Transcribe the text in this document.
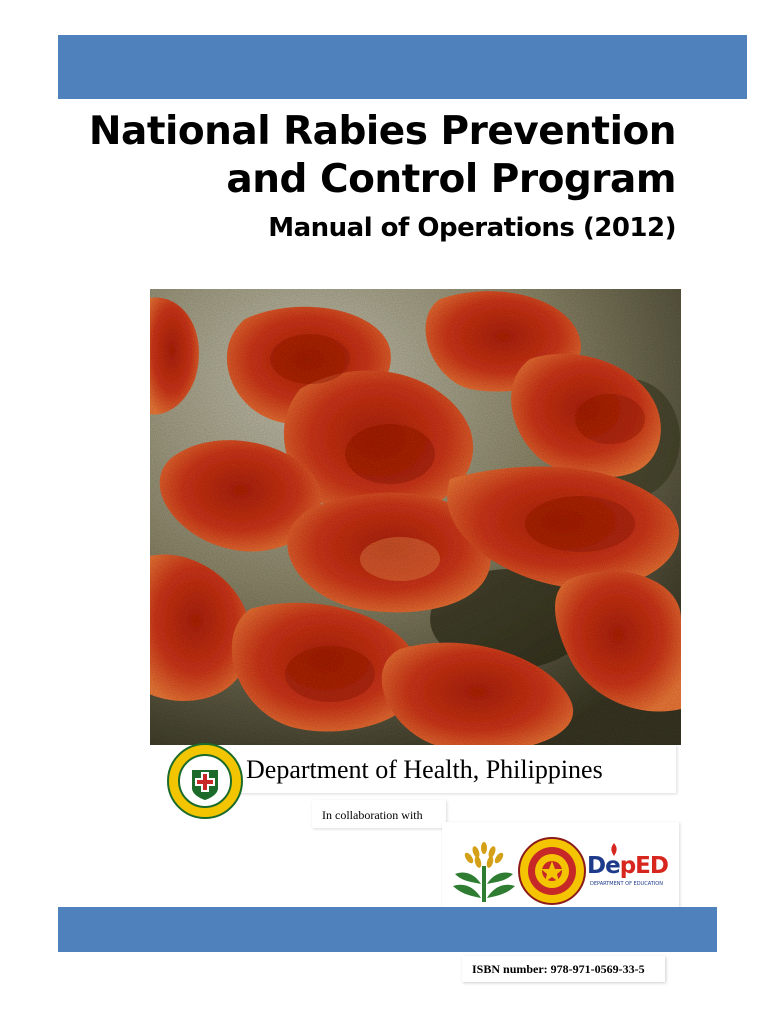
National Rabies Prevention
and Control Program
Manual of Operations (2012)
Department of Health, Philippines
In collaboration with
DepED
DEPARTMENT OF EDUCATION
ISBN number: 978-971-0569-33-5
